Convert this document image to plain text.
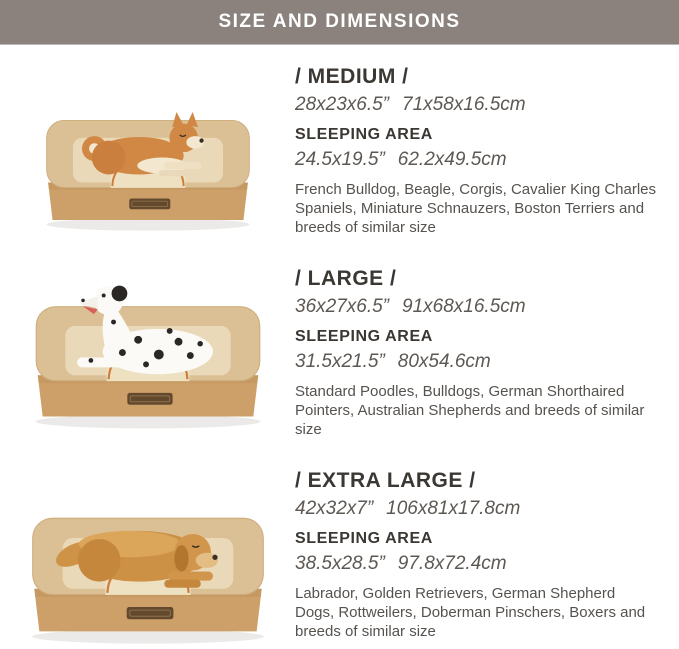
SIZE AND DIMENSIONS
/ MEDIUM /

28x23x6.5” 71x58x16.5cm

SLEEPING AREA

24.5x19.5” 62.2x49.5cm

French Bulldog, Beagle, Corgis, Cavalier King Charles Spaniels, Miniature Schnauzers, Boston Terriers and breeds of similar size

/ LARGE /

36x27x6.5” 91x68x16.5cm

SLEEPING AREA

31.5x21.5” 80x54.6cm

Standard Poodles, Bulldogs, German Shorthaired Pointers, Australian Shepherds and breeds of similar size

/ EXTRA LARGE /

42x32x7” 106x81x17.8cm

SLEEPING AREA

38.5x28.5” 97.8x72.4cm

Labrador, Golden Retrievers, German Shepherd Dogs, Rottweilers, Doberman Pinschers, Boxers and breeds of similar size
